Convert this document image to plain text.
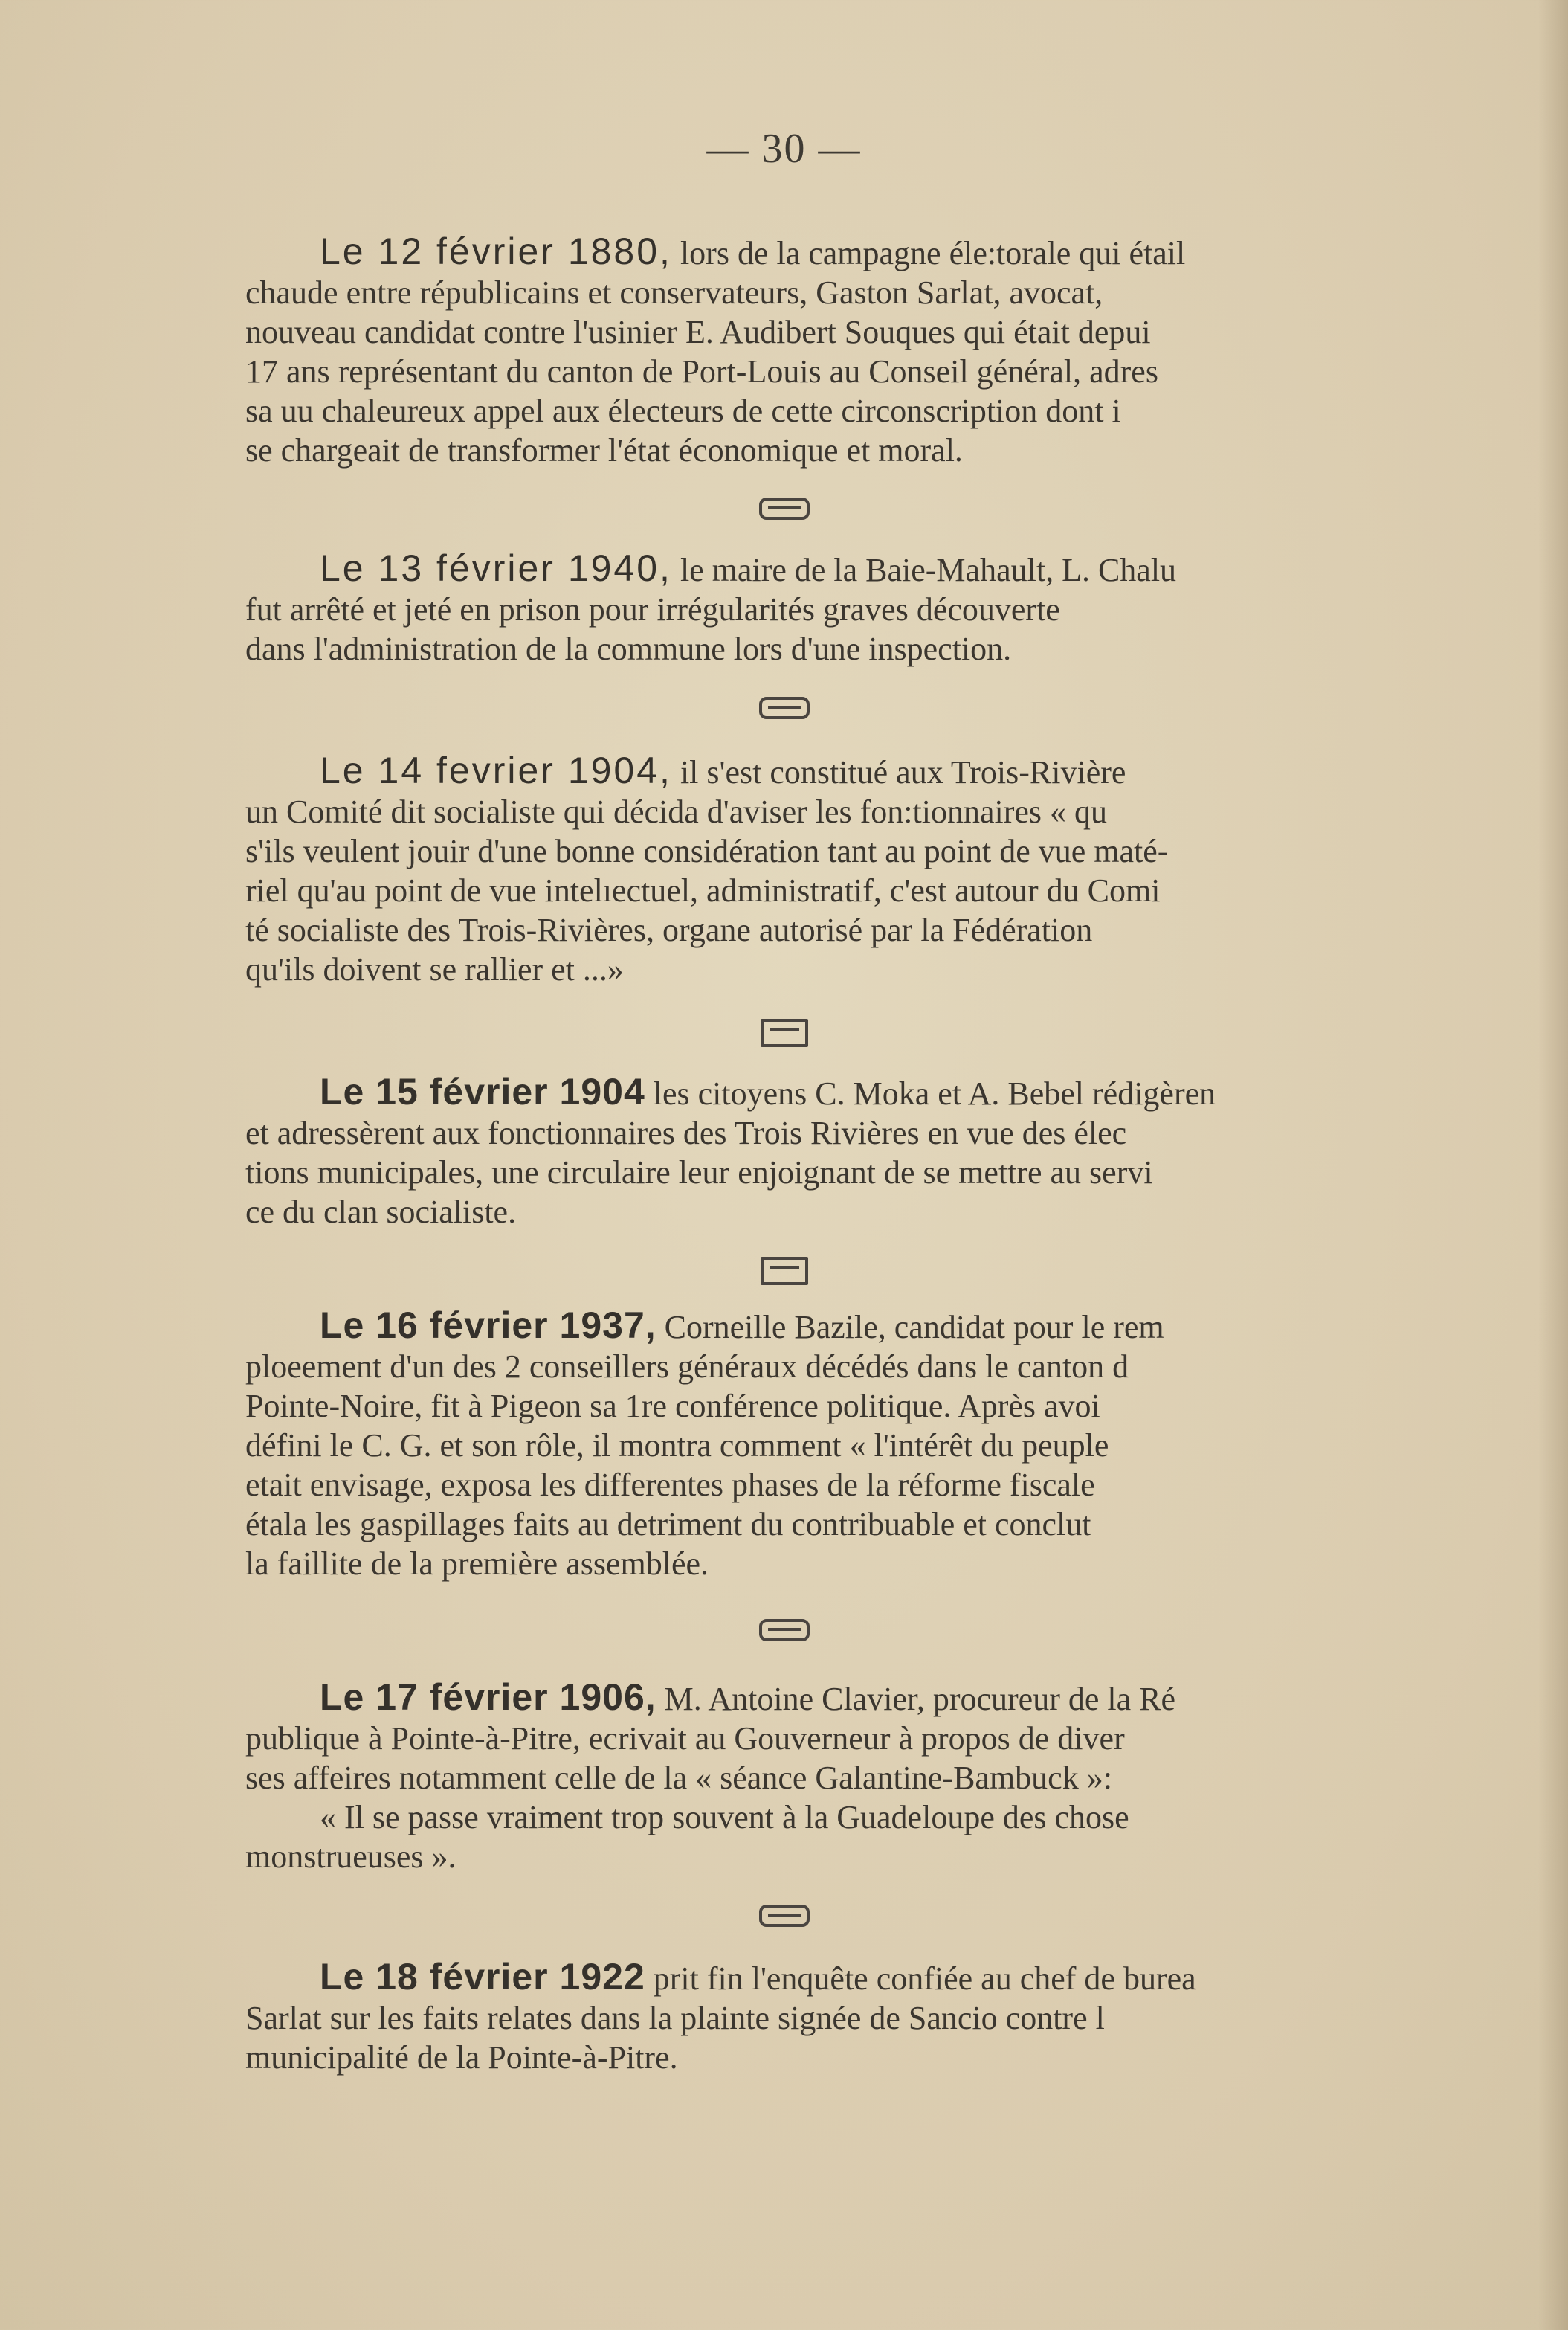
— 30 —
Le 12 février 1880, lors de la campagne éle:torale qui étail
chaude entre républicains et conservateurs, Gaston Sarlat, avocat,
nouveau candidat contre l'usinier E. Audibert Souques qui était depui
17 ans représentant du canton de Port-Louis au Conseil général, adres
sa uu chaleureux appel aux électeurs de cette circonscription dont i
se chargeait de transformer l'état économique et moral.
Le 13 février 1940, le maire de la Baie-Mahault, L. Chalu
fut arrêté et jeté en prison pour irrégularités graves découverte
dans l'administration de la commune lors d'une inspection.
Le 14 fevrier 1904, il s'est constitué aux Trois-Rivière
un Comité dit socialiste qui décida d'aviser les fon:tionnaires « qu
s'ils veulent jouir d'une bonne considération tant au point de vue maté-
riel qu'au point de vue intelıectuel, administratif, c'est autour du Comi
té socialiste des Trois-Rivières, organe autorisé par la Fédération
qu'ils doivent se rallier et ...»
Le 15 février 1904 les citoyens C. Moka et A. Bebel rédigèren
et adressèrent aux fonctionnaires des Trois Rivières en vue des élec
tions municipales, une circulaire leur enjoignant de se mettre au servi
ce du clan socialiste.
Le 16 février 1937, Corneille Bazile, candidat pour le rem
ploeement d'un des 2 conseillers généraux décédés dans le canton d
Pointe-Noire, fit à Pigeon sa 1re conférence politique. Après avoi
défini le C. G. et son rôle, il montra comment « l'intérêt du peuple
etait envisage, exposa les differentes phases de la réforme fiscale
étala les gaspillages faits au detriment du contribuable et conclut
la faillite de la première assemblée.
Le 17 février 1906, M. Antoine Clavier, procureur de la Ré
publique à Pointe-à-Pitre, ecrivait au Gouverneur à propos de diver
ses affeires notamment celle de la « séance Galantine-Bambuck »:
« Il se passe vraiment trop souvent à la Guadeloupe des chose
monstrueuses ».
Le 18 février 1922 prit fin l'enquête confiée au chef de burea
Sarlat sur les faits relates dans la plainte signée de Sancio contre l
municipalité de la Pointe-à-Pitre.
